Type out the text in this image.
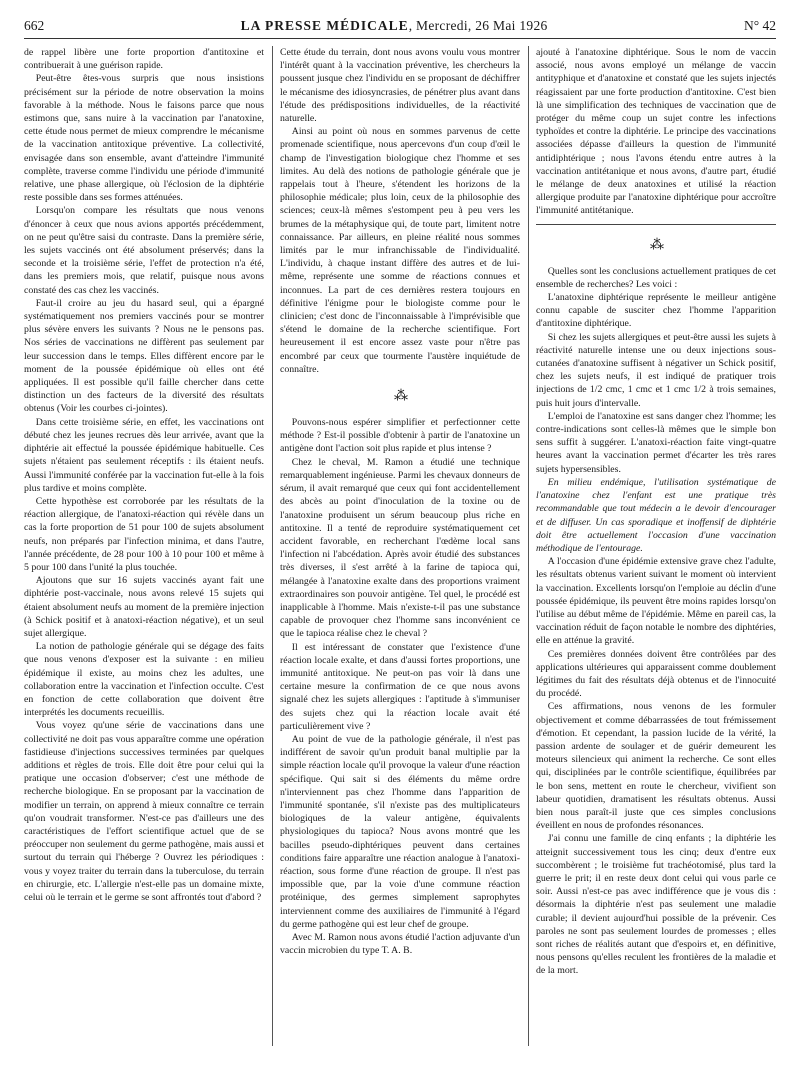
662	LA PRESSE MÉDICALE, Mercredi, 26 Mai 1926	N° 42

de rappel libère une forte proportion d'antitoxine et contribuerait à une guérison rapide.

Peut-être êtes-vous surpris que nous insistions précisément sur la période de notre observation la moins favorable à la méthode. Nous le faisons parce que nous estimons que, sans nuire à la vaccination par l'anatoxine, cette étude nous permet de mieux comprendre le mécanisme de la vaccination antitoxique préventive. La collectivité, envisagée dans son ensemble, avant d'atteindre l'immunité complète, traverse comme l'individu une période d'immunité relative, une phase allergique, où l'éclosion de la diphtérie reste possible dans ses formes atténuées.

Lorsqu'on compare les résultats que nous venons d'énoncer à ceux que nous avions apportés précédemment, on ne peut qu'être saisi du contraste. Dans la première série, les sujets vaccinés ont été absolument préservés; dans la seconde et la troisième série, l'effet de protection n'a été, dans les premiers mois, que relatif, puisque nous avons constaté des cas chez les vaccinés.

Faut-il croire au jeu du hasard seul, qui a épargné systématiquement nos premiers vaccinés pour se montrer plus sévère envers les suivants ? Nous ne le pensons pas. Nos séries de vaccinations ne diffèrent pas seulement par leur succession dans le temps. Elles diffèrent encore par le moment de la poussée épidémique où elles ont été appliquées. Il est possible qu'il faille chercher dans cette distinction un des facteurs de la diversité des résultats obtenus (Voir les courbes ci-jointes).

Dans cette troisième série, en effet, les vaccinations ont débuté chez les jeunes recrues dès leur arrivée, avant que la diphtérie ait effectué la poussée épidémique habituelle. Ces sujets n'étaient pas seulement réceptifs : ils étaient neufs. Aussi l'immunité conférée par la vaccination fut-elle à la fois plus tardive et moins complète.

Cette hypothèse est corroborée par les résultats de la réaction allergique, de l'anatoxi-réaction qui révèle dans un cas la forte proportion de 51 pour 100 de sujets absolument neufs, non préparés par l'infection minima, et dans l'autre, l'année précédente, de 28 pour 100 à 10 pour 100 et même à 5 pour 100 dans l'unité la plus touchée.

Ajoutons que sur 16 sujets vaccinés ayant fait une diphtérie post-vaccinale, nous avons relevé 15 sujets qui étaient absolument neufs au moment de la première injection (à Schick positif et à anatoxi-réaction négative), et un seul sujet allergique.

La notion de pathologie générale qui se dégage des faits que nous venons d'exposer est la suivante : en milieu épidémique il existe, au moins chez les adultes, une collaboration entre la vaccination et l'infection occulte. C'est en fonction de cette collaboration que doivent être interprétés les documents recueillis.

Vous voyez qu'une série de vaccinations dans une collectivité ne doit pas vous apparaître comme une opération fastidieuse d'injections successives terminées par quelques additions et règles de trois. Elle doit être pour celui qui la pratique une occasion d'observer; c'est une méthode de recherche biologique. En se proposant par la vaccination de modifier un terrain, on apprend à mieux connaître ce terrain qu'on voudrait transformer. N'est-ce pas d'ailleurs une des caractéristiques de l'effort scientifique actuel que de se préoccuper non seulement du germe pathogène, mais aussi et surtout du terrain qui l'héberge ? Ouvrez les périodiques : vous y voyez traiter du terrain dans la tuberculose, du terrain en chirurgie, etc. L'allergie n'est-elle pas un domaine mixte, celui où le terrain et le germe se sont affrontés tout d'abord ?

Cette étude du terrain, dont nous avons voulu vous montrer l'intérêt quant à la vaccination préventive, les chercheurs la poussent jusque chez l'individu en se proposant de déchiffrer le mécanisme des idiosyncrasies, de pénétrer plus avant dans l'étude des prédispositions individuelles, de la réactivité naturelle.

Ainsi au point où nous en sommes parvenus de cette promenade scientifique, nous apercevons d'un coup d'œil le champ de l'investigation biologique chez l'homme et ses limites. Au delà des notions de pathologie générale que je rappelais tout à l'heure, s'étendent les horizons de la philosophie médicale; plus loin, ceux de la philosophie des sciences; ceux-là mêmes s'estompent peu à peu vers les brumes de la métaphysique qui, de toute part, limitent notre connaissance. Par ailleurs, en pleine réalité nous sommes limités par le mur infranchissable de l'individualité. L'individu, à chaque instant diffère des autres et de lui-même, représente une somme de réactions connues et inconnues. La part de ces dernières restera toujours en définitive l'énigme pour le biologiste comme pour le clinicien; c'est donc de l'inconnaissable à l'imprévisible que s'étend le domaine de la recherche scientifique. Fort heureusement il est encore assez vaste pour n'être pas encombré par ceux que tourmente l'austère inquiétude de connaître.

⁂

Pouvons-nous espérer simplifier et perfectionner cette méthode ? Est-il possible d'obtenir à partir de l'anatoxine un antigène dont l'action soit plus rapide et plus intense ?

Chez le cheval, M. Ramon a étudié une technique remarquablement ingénieuse. Parmi les chevaux donneurs de sérum, il avait remarqué que ceux qui font accidentellement des abcès au point d'inoculation de la toxine ou de l'anatoxine produisent un sérum beaucoup plus riche en antitoxine. Il a tenté de reproduire systématiquement cet accident favorable, en recherchant l'œdème local sans l'infection ni l'abcédation. Après avoir étudié des substances très diverses, il s'est arrêté à la farine de tapioca qui, mélangée à l'anatoxine exalte dans des proportions vraiment extraordinaires son pouvoir antigène. Tel quel, le procédé est inapplicable à l'homme. Mais n'existe-t-il pas une substance capable de provoquer chez l'homme sans inconvénient ce que le tapioca réalise chez le cheval ?

Il est intéressant de constater que l'existence d'une réaction locale exalte, et dans d'aussi fortes proportions, une immunité antitoxique. Ne peut-on pas voir là dans une certaine mesure la confirmation de ce que nous avons signalé chez les sujets allergiques : l'aptitude à s'immuniser des sujets chez qui la réaction locale avait été particulièrement vive ?

Au point de vue de la pathologie générale, il n'est pas indifférent de savoir qu'un produit banal multiplie par la simple réaction locale qu'il provoque la valeur d'une réaction spécifique. Qui sait si des éléments du même ordre n'interviennent pas chez l'homme dans l'apparition de l'immunité spontanée, s'il n'existe pas des multiplicateurs biologiques de la valeur antigène, équivalents physiologiques du tapioca? Nous avons montré que les bacilles pseudo-diphtériques peuvent dans certaines conditions faire apparaître une réaction analogue à l'anatoxi-réaction, sous forme d'une réaction de groupe. Il n'est pas impossible que, par la voie d'une commune réaction protéinique, des germes simplement saprophytes interviennent comme des auxiliaires de l'immunité à l'égard du germe pathogène qui est leur chef de groupe.

Avec M. Ramon nous avons étudié l'action adjuvante d'un vaccin microbien du type T. A. B.

ajouté à l'anatoxine diphtérique. Sous le nom de vaccin associé, nous avons employé un mélange de vaccin antityphique et d'anatoxine et constaté que les sujets injectés réagissaient par une forte production d'antitoxine. C'est bien là une simplification des techniques de vaccination que de protéger du même coup un sujet contre les infections typhoïdes et contre la diphtérie. Le principe des vaccinations associées dépasse d'ailleurs la question de l'immunité antidiphtérique ; nous l'avons étendu entre autres à la vaccination antitétanique et nous avons, d'autre part, étudié le mélange de deux anatoxines et utilisé la réaction allergique produite par l'anatoxine diphtérique pour accroître l'immunité antitétanique.

⁂

Quelles sont les conclusions actuellement pratiques de cet ensemble de recherches? Les voici :

L'anatoxine diphtérique représente le meilleur antigène connu capable de susciter chez l'homme l'apparition d'antitoxine diphtérique.

Si chez les sujets allergiques et peut-être aussi les sujets à réactivité naturelle intense une ou deux injections sous-cutanées d'anatoxine suffisent à négativer un Schick positif, chez les sujets neufs, il est indiqué de pratiquer trois injections de 1/2 cmc, 1 cmc et 1 cmc 1/2 à trois semaines, puis huit jours d'intervalle.

L'emploi de l'anatoxine est sans danger chez l'homme; les contre-indications sont celles-là mêmes que le simple bon sens suffit à suggérer. L'anatoxi-réaction faite vingt-quatre heures avant la vaccination permet d'écarter les très rares sujets hypersensibles.

En milieu endémique, l'utilisation systématique de l'anatoxine chez l'enfant est une pratique très recommandable que tout médecin a le devoir d'encourager et de diffuser. Un cas sporadique et inoffensif de diphtérie doit être actuellement l'occasion d'une vaccination méthodique de l'entourage.

A l'occasion d'une épidémie extensive grave chez l'adulte, les résultats obtenus varient suivant le moment où intervient la vaccination. Excellents lorsqu'on l'emploie au déclin d'une poussée épidémique, ils peuvent être moins rapides lorsqu'on l'utilise au début même de l'épidémie. Même en pareil cas, la vaccination réduit de façon notable le nombre des diphtéries, elle en atténue la gravité.

Ces premières données doivent être contrôlées par des applications ultérieures qui apparaissent comme doublement légitimes du fait des résultats déjà obtenus et de l'innocuité du procédé.

Ces affirmations, nous venons de les formuler objectivement et comme débarrassées de tout frémissement d'émotion. Et cependant, la passion lucide de la vérité, la passion ardente de soulager et de guérir demeurent les moteurs silencieux qui animent la recherche. Ce sont elles qui, disciplinées par le contrôle scientifique, équilibrées par le bon sens, mettent en route le chercheur, vivifient son labeur quotidien, dramatisent les résultats obtenus. Aussi bien nous paraît-il juste que ces simples conclusions éveillent en nous de profondes résonances.

J'ai connu une famille de cinq enfants ; la diphtérie les atteignit successivement tous les cinq; deux d'entre eux succombèrent ; le troisième fut trachéotomisé, plus tard la guerre le prit; il en reste deux dont celui qui vous parle ce soir. Aussi n'est-ce pas avec indifférence que je vous dis : désormais la diphtérie n'est pas seulement une maladie curable; il devient aujourd'hui possible de la prévenir. Ces paroles ne sont pas seulement lourdes de promesses ; elles sont riches de réalités autant que d'espoirs et, en définitive, nous pensons qu'elles reculent les frontières de la maladie et de la mort.
